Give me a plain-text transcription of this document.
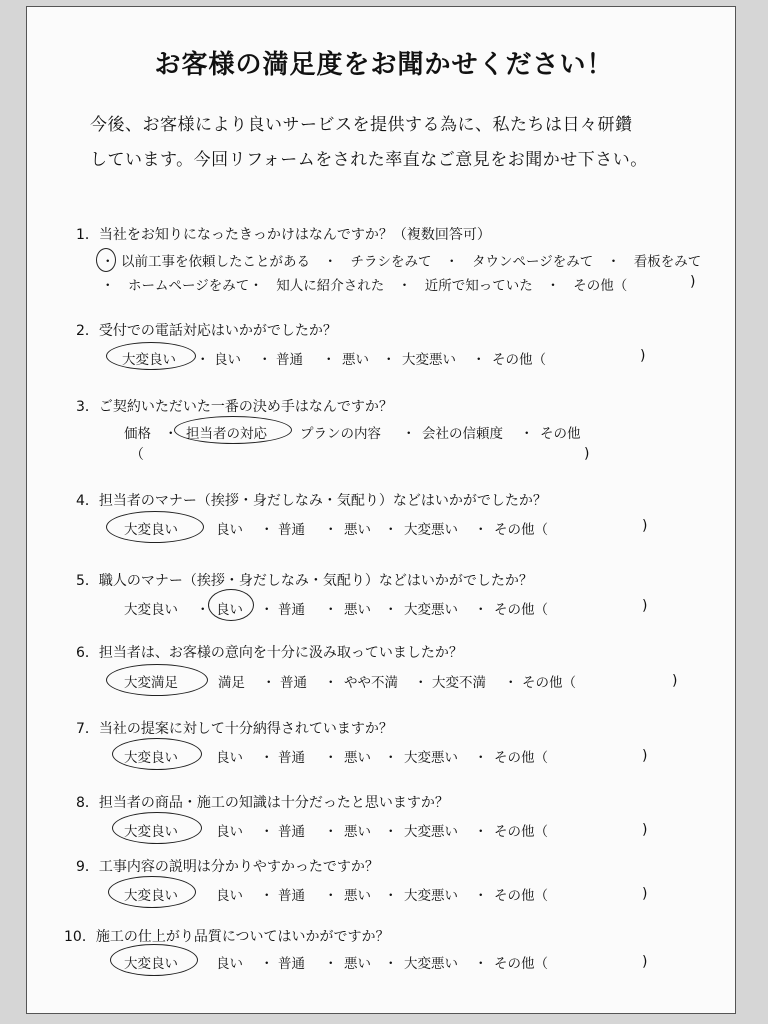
お客様の満足度をお聞かせください！
今後、お客様により良いサービスを提供する為に、私たちは日々研鑽
しています。今回リフォームをされた率直なご意見をお聞かせ下さい。
1．当社をお知りになったきっかけはなんですか？（複数回答可）
・ 以前工事を依頼したことがある　・　チラシをみて　・　タウンページをみて　・　看板をみて
・　ホームページをみて・　知人に紹介された　・　近所で知っていた　・　その他（	)
2．受付での電話対応はいかがでしたか？
大変良い ・ 良い ・ 普通 ・ 悪い ・ 大変悪い ・ その他（	)
3．ご契約いただいた一番の決め手はなんですか？
価格 ・ 担当者の対応 プランの内容 ・ 会社の信頼度 ・ その他
（	)
4．担当者のマナー（挨拶・身だしなみ・気配り）などはいかがでしたか？
大変良い	良い ・ 普通 ・ 悪い ・ 大変悪い ・ その他（	)
5．職人のマナー（挨拶・身だしなみ・気配り）などはいかがでしたか？
大変良い ・ 良い ・ 普通 ・ 悪い ・ 大変悪い ・ その他（	)
6．担当者は、お客様の意向を十分に汲み取っていましたか？
大変満足	満足 ・ 普通 ・ やや不満 ・ 大変不満 ・ その他（	)
7．当社の提案に対して十分納得されていますか？
大変良い	良い ・ 普通 ・ 悪い ・ 大変悪い ・ その他（	)
8．担当者の商品・施工の知識は十分だったと思いますか？
大変良い	良い ・ 普通 ・ 悪い ・ 大変悪い ・ その他（	)
9．工事内容の説明は分かりやすかったですか？
大変良い	良い ・ 普通 ・ 悪い ・ 大変悪い ・ その他（	)
10．施工の仕上がり品質についてはいかがですか？
大変良い	良い ・ 普通 ・ 悪い ・ 大変悪い ・ その他（	)
